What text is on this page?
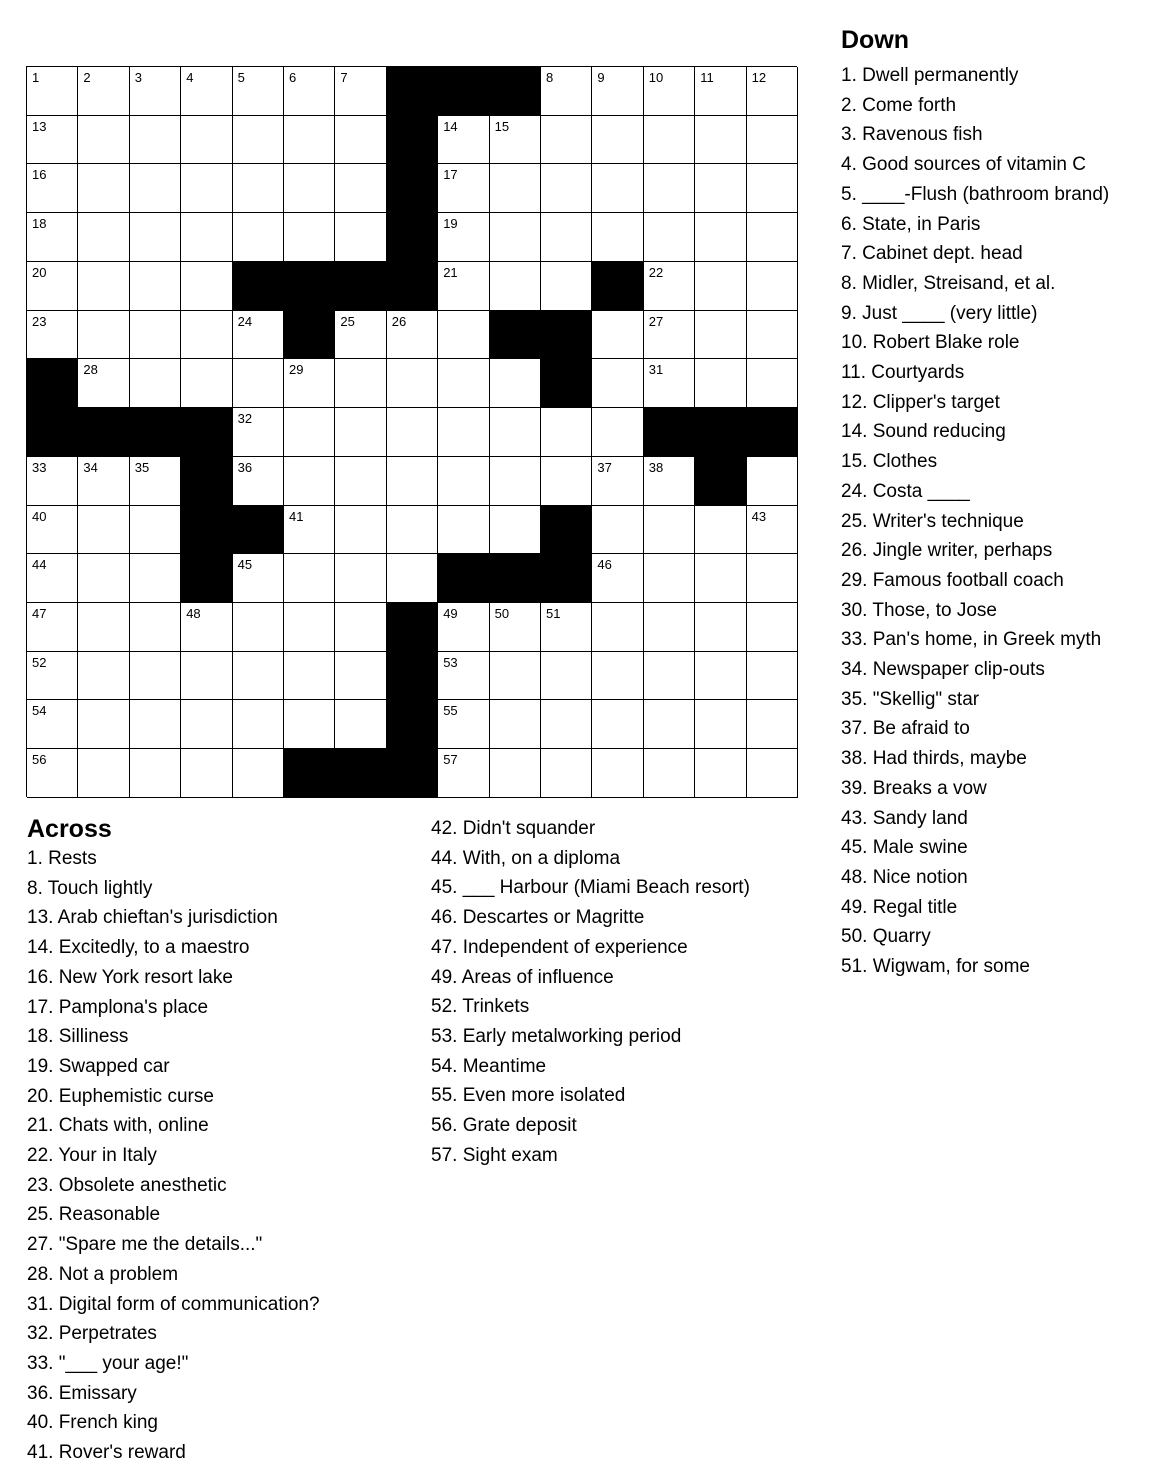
1	2	3	4	5	6	7	8	9	10	11	12
13	14	15
16	17
18	19
20	21	22
23	24	25	26	27
28	29	30	31
32
33	34	35	36	37	38	39
40	41	42	43
44	45	46
47	48	49	50	51
52	53
54	55
56	57
Down
1. Dwell permanently
2. Come forth
3. Ravenous fish
4. Good sources of vitamin C
5. ____-Flush (bathroom brand)
6. State, in Paris
7. Cabinet dept. head
8. Midler, Streisand, et al.
9. Just ____ (very little)
10. Robert Blake role
11. Courtyards
12. Clipper's target
14. Sound reducing
15. Clothes
24. Costa ____
25. Writer's technique
26. Jingle writer, perhaps
29. Famous football coach
30. Those, to Jose
33. Pan's home, in Greek myth
34. Newspaper clip-outs
35. "Skellig" star
37. Be afraid to
38. Had thirds, maybe
39. Breaks a vow
43. Sandy land
45. Male swine
48. Nice notion
49. Regal title
50. Quarry
51. Wigwam, for some
Across
1. Rests
8. Touch lightly
13. Arab chieftan's jurisdiction
14. Excitedly, to a maestro
16. New York resort lake
17. Pamplona's place
18. Silliness
19. Swapped car
20. Euphemistic curse
21. Chats with, online
22. Your in Italy
23. Obsolete anesthetic
25. Reasonable
27. "Spare me the details..."
28. Not a problem
31. Digital form of communication?
32. Perpetrates
33. "___ your age!"
36. Emissary
40. French king
41. Rover's reward
42. Didn't squander
44. With, on a diploma
45. ___ Harbour (Miami Beach resort)
46. Descartes or Magritte
47. Independent of experience
49. Areas of influence
52. Trinkets
53. Early metalworking period
54. Meantime
55. Even more isolated
56. Grate deposit
57. Sight exam
